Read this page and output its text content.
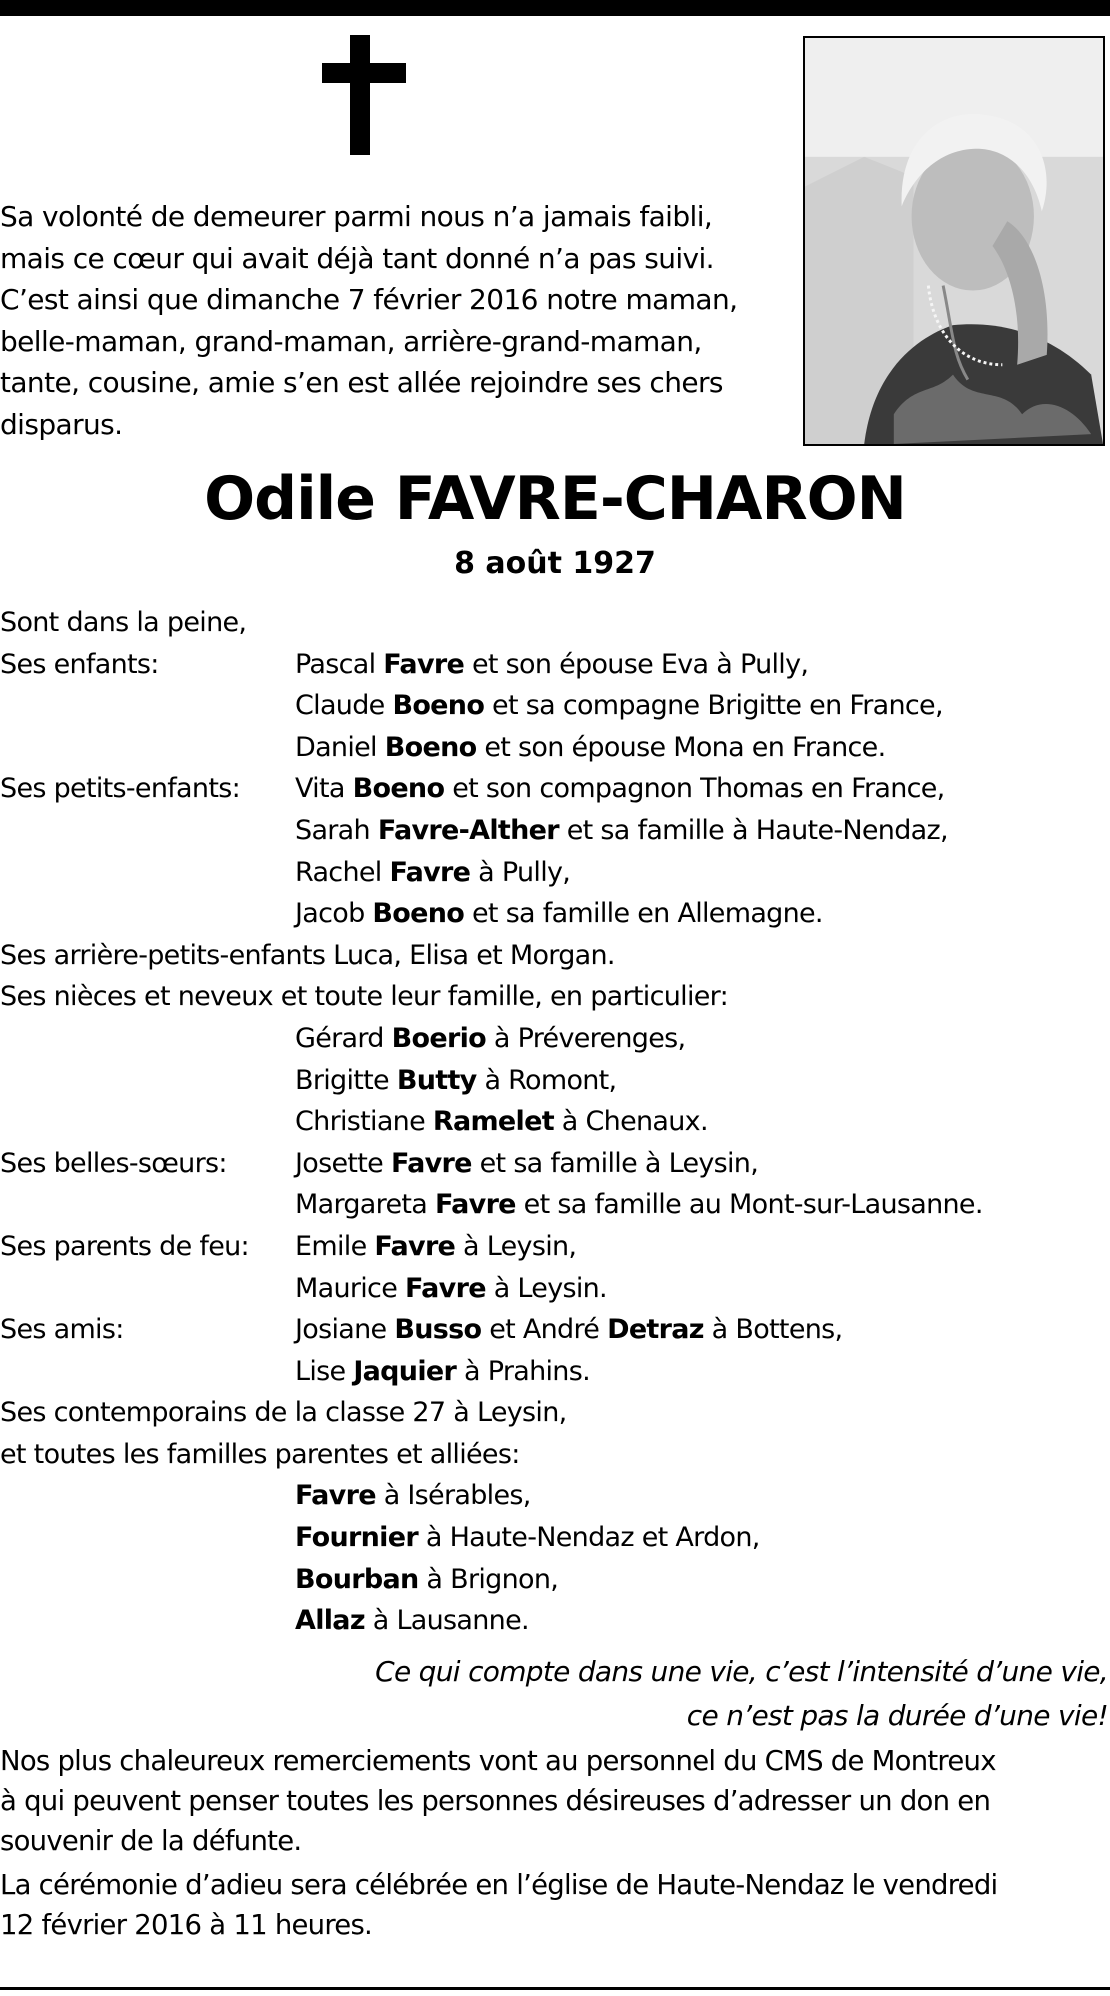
Sa volonté de demeurer parmi nous n’a jamais faibli,
mais ce cœur qui avait déjà tant donné n’a pas suivi.
C’est ainsi que dimanche 7 février 2016 notre maman,
belle-maman, grand-maman, arrière-grand-maman,
tante, cousine, amie s’en est allée rejoindre ses chers
disparus.
Odile FAVRE-CHARON
8 août 1927
Sont dans la peine,
Ses enfants:	Pascal Favre et son épouse Eva à Pully,
Claude Boeno et sa compagne Brigitte en France,
Daniel Boeno et son épouse Mona en France.
Ses petits-enfants: Vita Boeno et son compagnon Thomas en France,
Sarah Favre-Alther et sa famille à Haute-Nendaz,
Rachel Favre à Pully,
Jacob Boeno et sa famille en Allemagne.
Ses arrière-petits-enfants Luca, Elisa et Morgan.
Ses nièces et neveux et toute leur famille, en particulier:
Gérard Boerio à Préverenges,
Brigitte Butty à Romont,
Christiane Ramelet à Chenaux.
Ses belles-sœurs:	Josette Favre et sa famille à Leysin,
Margareta Favre et sa famille au Mont-sur-Lausanne.
Ses parents de feu: Emile Favre à Leysin,
Maurice Favre à Leysin.
Ses amis:	Josiane Busso et André Detraz à Bottens,
Lise Jaquier à Prahins.
Ses contemporains de la classe 27 à Leysin,
et toutes les familles parentes et alliées:
Favre à Isérables,
Fournier à Haute-Nendaz et Ardon,
Bourban à Brignon,
Allaz à Lausanne.
Ce qui compte dans une vie, c’est l’intensité d’une vie,
ce n’est pas la durée d’une vie!
Nos plus chaleureux remerciements vont au personnel du CMS de Montreux
à qui peuvent penser toutes les personnes désireuses d’adresser un don en
souvenir de la défunte.
La cérémonie d’adieu sera célébrée en l’église de Haute-Nendaz le vendredi
12 février 2016 à 11 heures.
